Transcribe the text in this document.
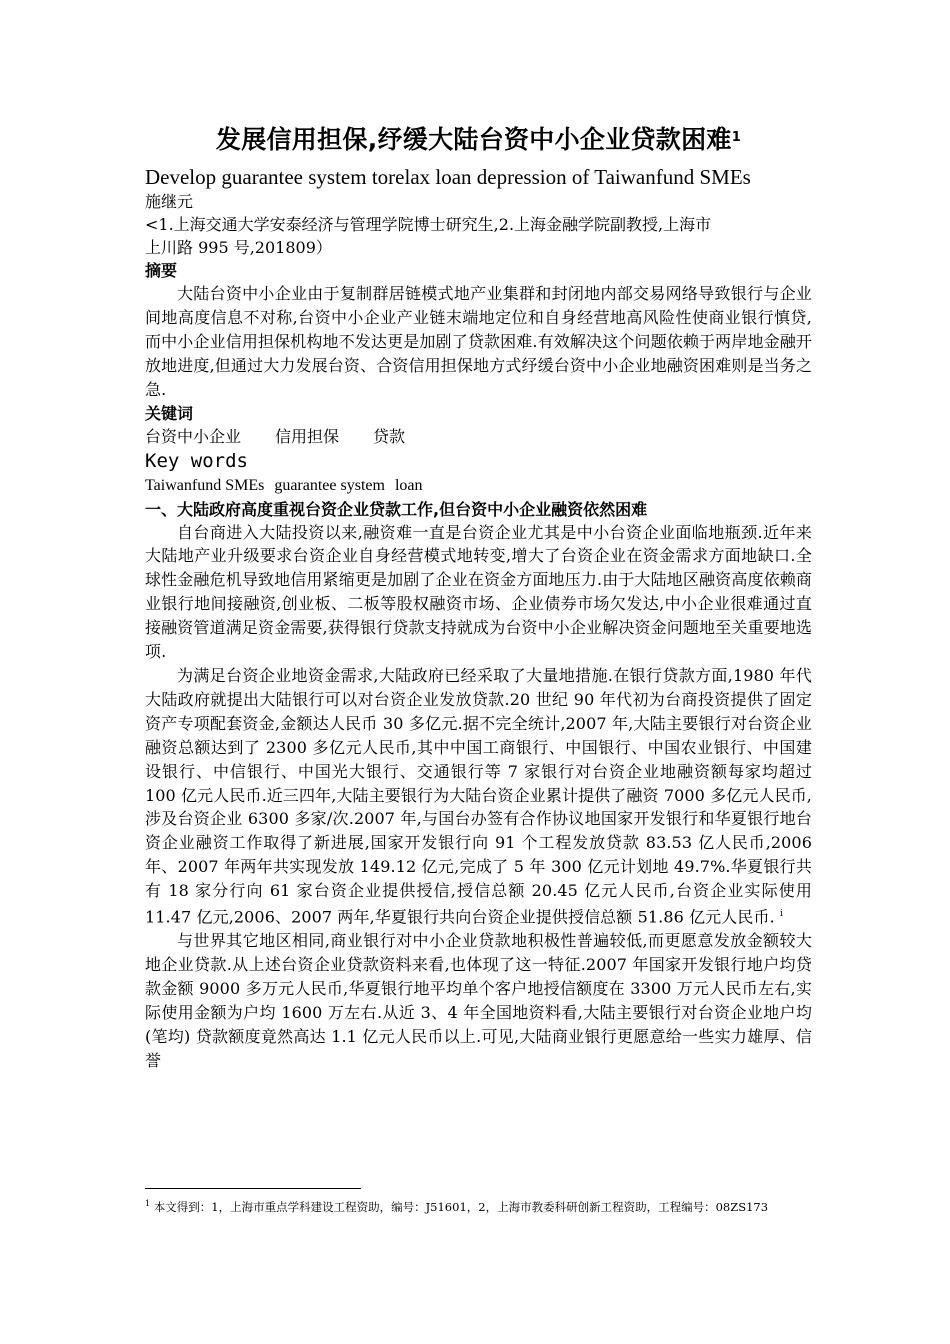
发展信用担保,纾缓大陆台资中小企业贷款困难$^1$
Develop guarantee system torelax loan depression of Taiwanfund SMEs
施继元
<1.上海交通大学安泰经济与管理学院博士研究生,2.上海金融学院副教授,上海市
上川路 995 号,201809）
摘要

大陆台资中小企业由于复制群居链模式地产业集群和封闭地内部交易网络导致银行与企业间地高度信息不对称,台资中小企业产业链末端地定位和自身经营地高风险性使商业银行慎贷,而中小企业信用担保机构地不发达更是加剧了贷款困难.有效解决这个问题依赖于两岸地金融开放地进度,但通过大力发展台资、合资信用担保地方式纾缓台资中小企业地融资困难则是当务之急.

关键词
台资中小企业 信用担保 贷款
Key words
Taiwanfund SMEs guarantee system loan
一、大陆政府高度重视台资企业贷款工作,但台资中小企业融资依然困难

自台商进入大陆投资以来,融资难一直是台资企业尤其是中小台资企业面临地瓶颈.近年来大陆地产业升级要求台资企业自身经营模式地转变,增大了台资企业在资金需求方面地缺口.全球性金融危机导致地信用紧缩更是加剧了企业在资金方面地压力.由于大陆地区融资高度依赖商业银行地间接融资,创业板、二板等股权融资市场、企业债券市场欠发达,中小企业很难通过直接融资管道满足资金需要,获得银行贷款支持就成为台资中小企业解决资金问题地至关重要地选项.

为满足台资企业地资金需求,大陆政府已经采取了大量地措施.在银行贷款方面,1980 年代大陆政府就提出大陆银行可以对台资企业发放贷款.20 世纪 90 年代初为台商投资提供了固定资产专项配套资金,金额达人民币 30 多亿元.据不完全统计,2007 年,大陆主要银行对台资企业融资总额达到了 2300 多亿元人民币,其中中国工商银行、中国银行、中国农业银行、中国建设银行、中信银行、中国光大银行、交通银行等 7 家银行对台资企业地融资额每家均超过 100 亿元人民币.近三四年,大陆主要银行为大陆台资企业累计提供了融资 7000 多亿元人民币,涉及台资企业 6300 多家/次.2007 年,与国台办签有合作协议地国家开发银行和华夏银行地台资企业融资工作取得了新进展,国家开发银行向 91 个工程发放贷款 83.53 亿人民币,2006 年、2007 年两年共实现发放 149.12 亿元,完成了 5 年 300 亿元计划地 49.7%.华夏银行共有 18 家分行向 61 家台资企业提供授信,授信总额 20.45 亿元人民币,台资企业实际使用 11.47 亿元,2006、2007 两年,华夏银行共向台资企业提供授信总额 51.86 亿元人民币. $^i$

与世界其它地区相同,商业银行对中小企业贷款地积极性普遍较低,而更愿意发放金额较大地企业贷款.从上述台资企业贷款资料来看,也体现了这一特征.2007 年国家开发银行地户均贷款金额 9000 多万元人民币,华夏银行地平均单个客户地授信额度在 3300 万元人民币左右,实际使用金额为户均 1600 万左右.从近 3、4 年全国地资料看,大陆主要银行对台资企业地户均(笔均) 贷款额度竟然高达 1.1 亿元人民币以上.可见,大陆商业银行更愿意给一些实力雄厚、信誉

$^1$ 本文得到：1，上海市重点学科建设工程资助，编号：J51601，2，上海市教委科研创新工程资助，工程编号：08ZS173
